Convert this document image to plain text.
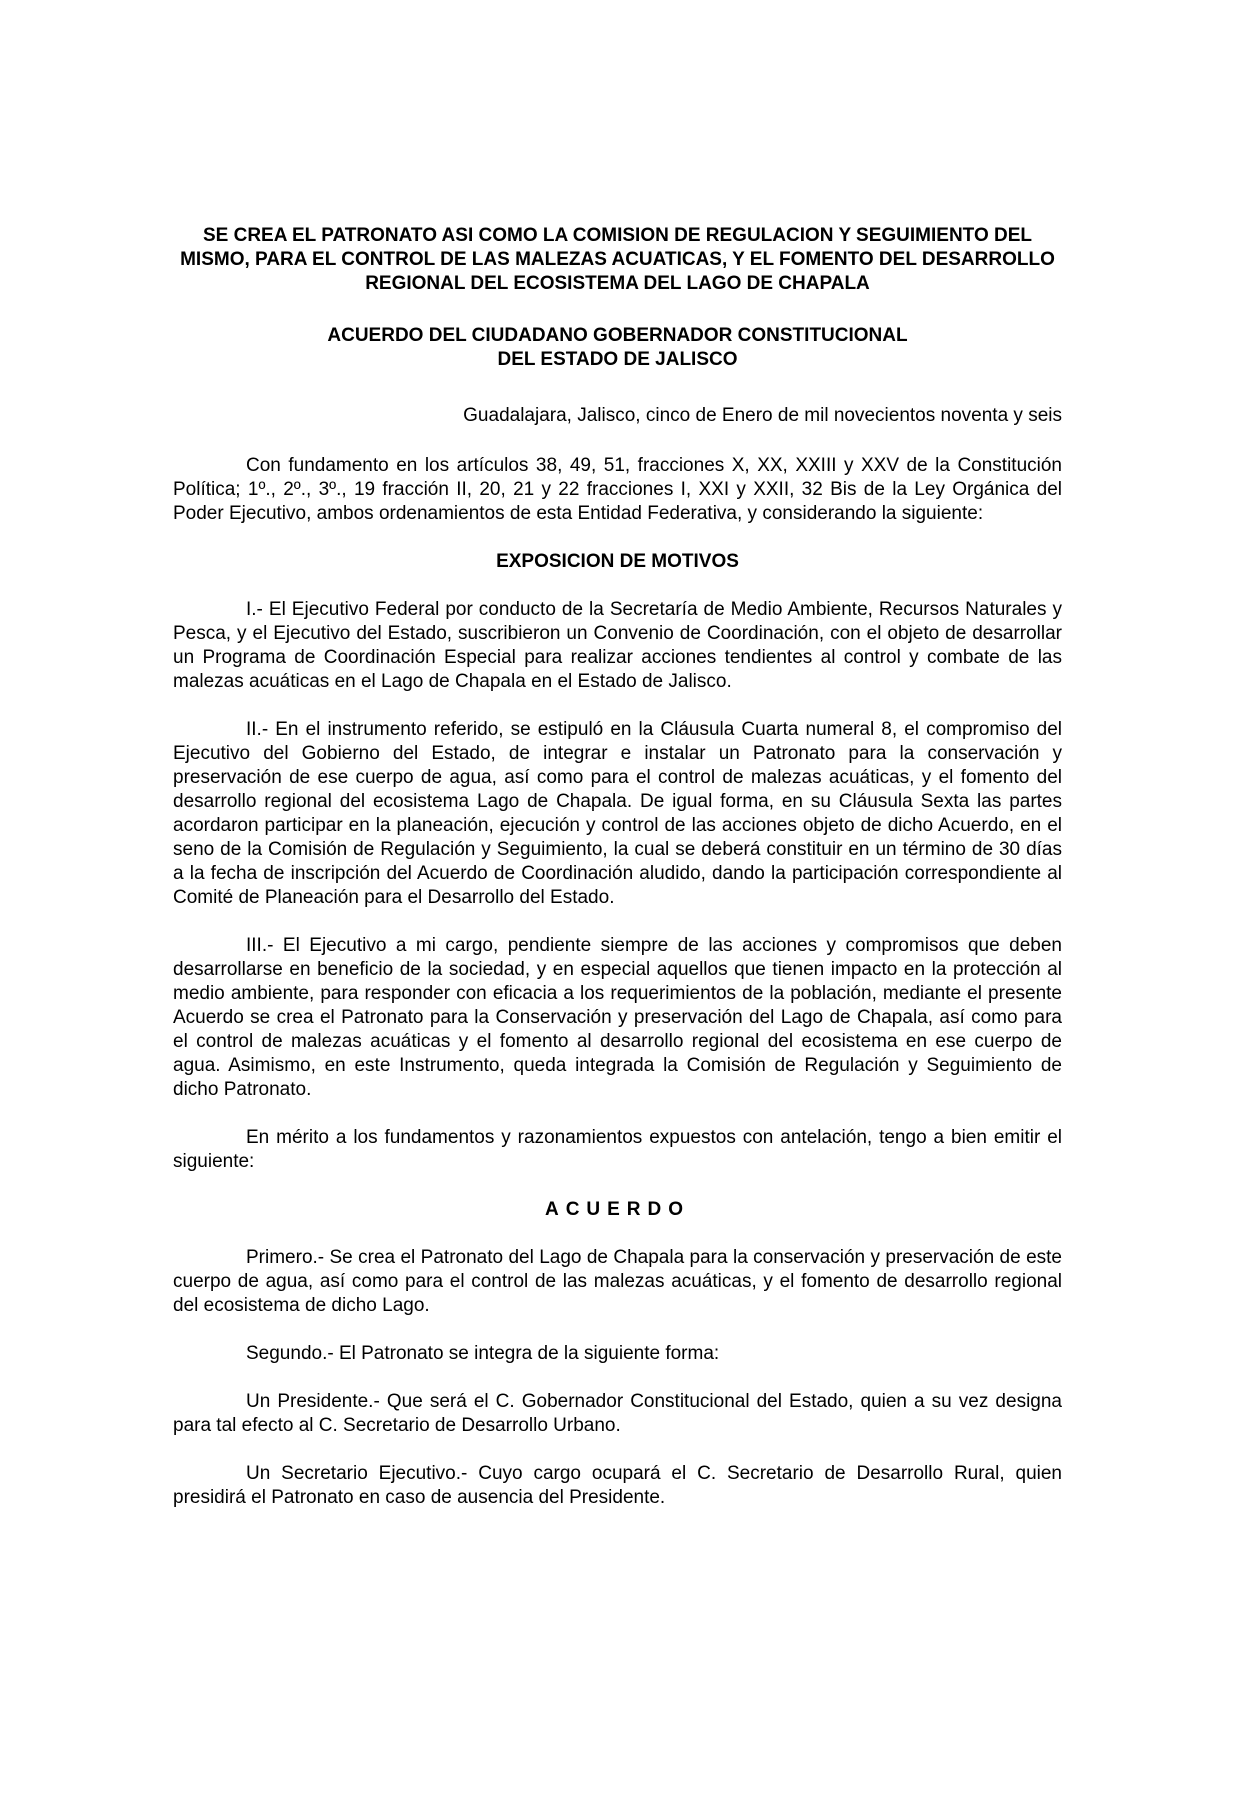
SE CREA EL PATRONATO ASI COMO LA COMISION DE REGULACION Y SEGUIMIENTO DEL MISMO, PARA EL CONTROL DE LAS MALEZAS ACUATICAS, Y EL FOMENTO DEL DESARROLLO REGIONAL DEL ECOSISTEMA DEL LAGO DE CHAPALA
ACUERDO DEL CIUDADANO GOBERNADOR CONSTITUCIONAL
DEL ESTADO DE JALISCO
Guadalajara, Jalisco, cinco de Enero de mil novecientos noventa y seis

Con fundamento en los artículos 38, 49, 51, fracciones X, XX, XXIII y XXV de la Constitución Política; 1º., 2º., 3º., 19 fracción II, 20, 21 y 22 fracciones I, XXI y XXII, 32 Bis de la Ley Orgánica del Poder Ejecutivo, ambos ordenamientos de esta Entidad Federativa, y considerando la siguiente:

EXPOSICION DE MOTIVOS

I.- El Ejecutivo Federal por conducto de la Secretaría de Medio Ambiente, Recursos Naturales y Pesca, y el Ejecutivo del Estado, suscribieron un Convenio de Coordinación, con el objeto de desarrollar un Programa de Coordinación Especial para realizar acciones tendientes al control y combate de las malezas acuáticas en el Lago de Chapala en el Estado de Jalisco.

II.- En el instrumento referido, se estipuló en la Cláusula Cuarta numeral 8, el compromiso del Ejecutivo del Gobierno del Estado, de integrar e instalar un Patronato para la conservación y preservación de ese cuerpo de agua, así como para el control de malezas acuáticas, y el fomento del desarrollo regional del ecosistema Lago de Chapala. De igual forma, en su Cláusula Sexta las partes acordaron participar en la planeación, ejecución y control de las acciones objeto de dicho Acuerdo, en el seno de la Comisión de Regulación y Seguimiento, la cual se deberá constituir en un término de 30 días a la fecha de inscripción del Acuerdo de Coordinación aludido, dando la participación correspondiente al Comité de Planeación para el Desarrollo del Estado.

III.- El Ejecutivo a mi cargo, pendiente siempre de las acciones y compromisos que deben desarrollarse en beneficio de la sociedad, y en especial aquellos que tienen impacto en la protección al medio ambiente, para responder con eficacia a los requerimientos de la población, mediante el presente Acuerdo se crea el Patronato para la Conservación y preservación del Lago de Chapala, así como para el control de malezas acuáticas y el fomento al desarrollo regional del ecosistema en ese cuerpo de agua. Asimismo, en este Instrumento, queda integrada la Comisión de Regulación y Seguimiento de dicho Patronato.

En mérito a los fundamentos y razonamientos expuestos con antelación, tengo a bien emitir el siguiente:

ACUERDO

Primero.- Se crea el Patronato del Lago de Chapala para la conservación y preservación de este cuerpo de agua, así como para el control de las malezas acuáticas, y el fomento de desarrollo regional del ecosistema de dicho Lago.

Segundo.- El Patronato se integra de la siguiente forma:

Un Presidente.- Que será el C. Gobernador Constitucional del Estado, quien a su vez designa para tal efecto al C. Secretario de Desarrollo Urbano.

Un Secretario Ejecutivo.- Cuyo cargo ocupará el C. Secretario de Desarrollo Rural, quien presidirá el Patronato en caso de ausencia del Presidente.
